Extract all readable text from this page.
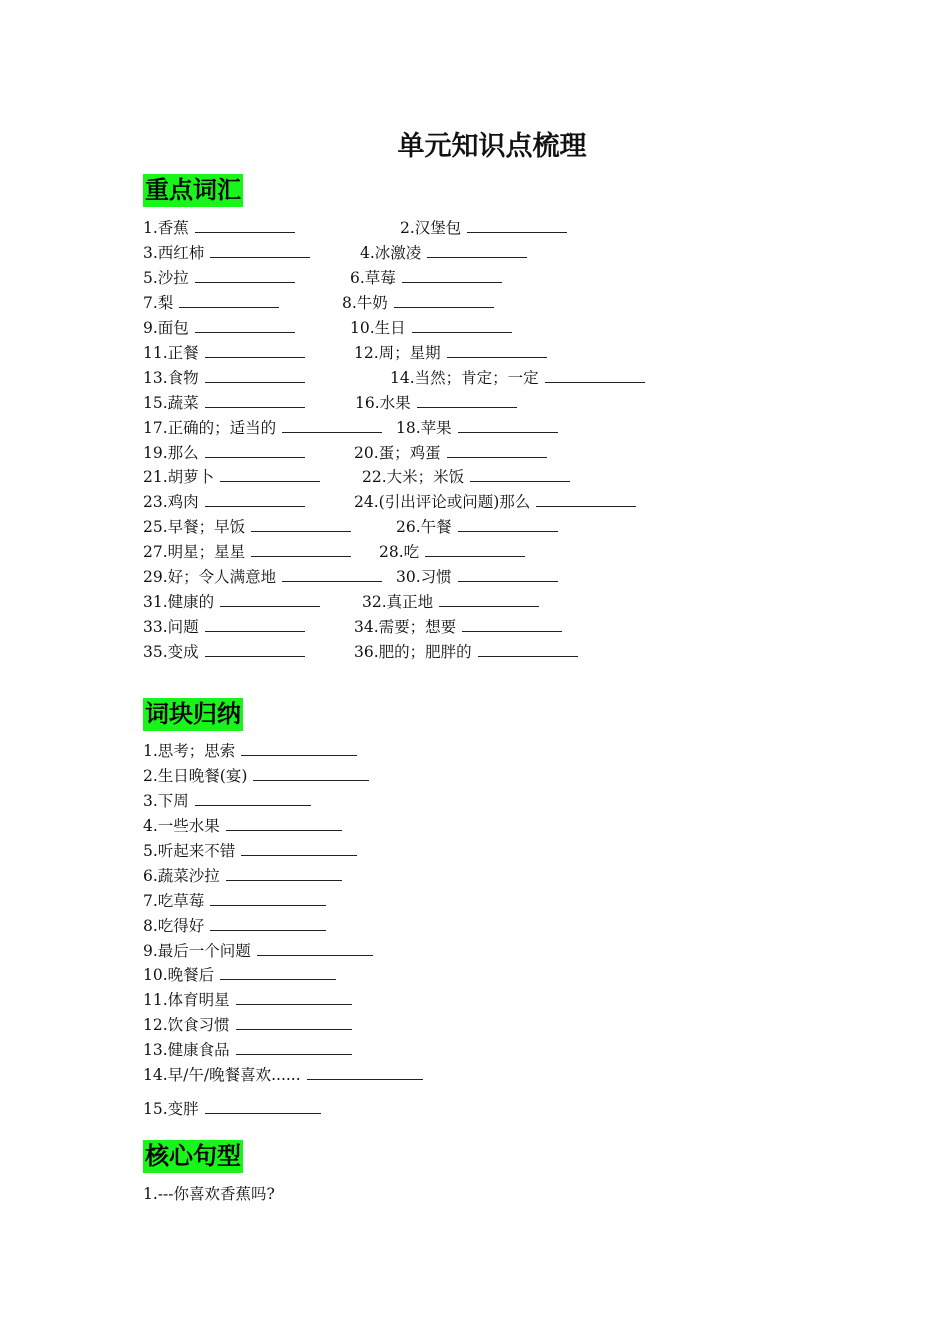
单元知识点梳理
重点词汇
1.香蕉	2.汉堡包
3.西红柿	4.冰激凌
5.沙拉	6.草莓
7.梨	8.牛奶
9.面包	10.生日
11.正餐	12.周；星期
13.食物	14.当然；肯定；一定
15.蔬菜	16.水果
17.正确的；适当的	18.苹果
19.那么	20.蛋；鸡蛋
21.胡萝卜	22.大米；米饭
23.鸡肉	24.(引出评论或问题)那么
25.早餐；早饭	26.午餐
27.明星；星星	28.吃
29.好；令人满意地	30.习惯
31.健康的	32.真正地
33.问题	34.需要；想要
35.变成	36.肥的；肥胖的
词块归纳
1.思考；思索
2.生日晚餐(宴)
3.下周
4.一些水果
5.听起来不错
6.蔬菜沙拉
7.吃草莓
8.吃得好
9.最后一个问题
10.晚餐后
11.体育明星
12.饮食习惯
13.健康食品
14.早/午/晚餐喜欢......
15.变胖
核心句型
1.---你喜欢香蕉吗?
